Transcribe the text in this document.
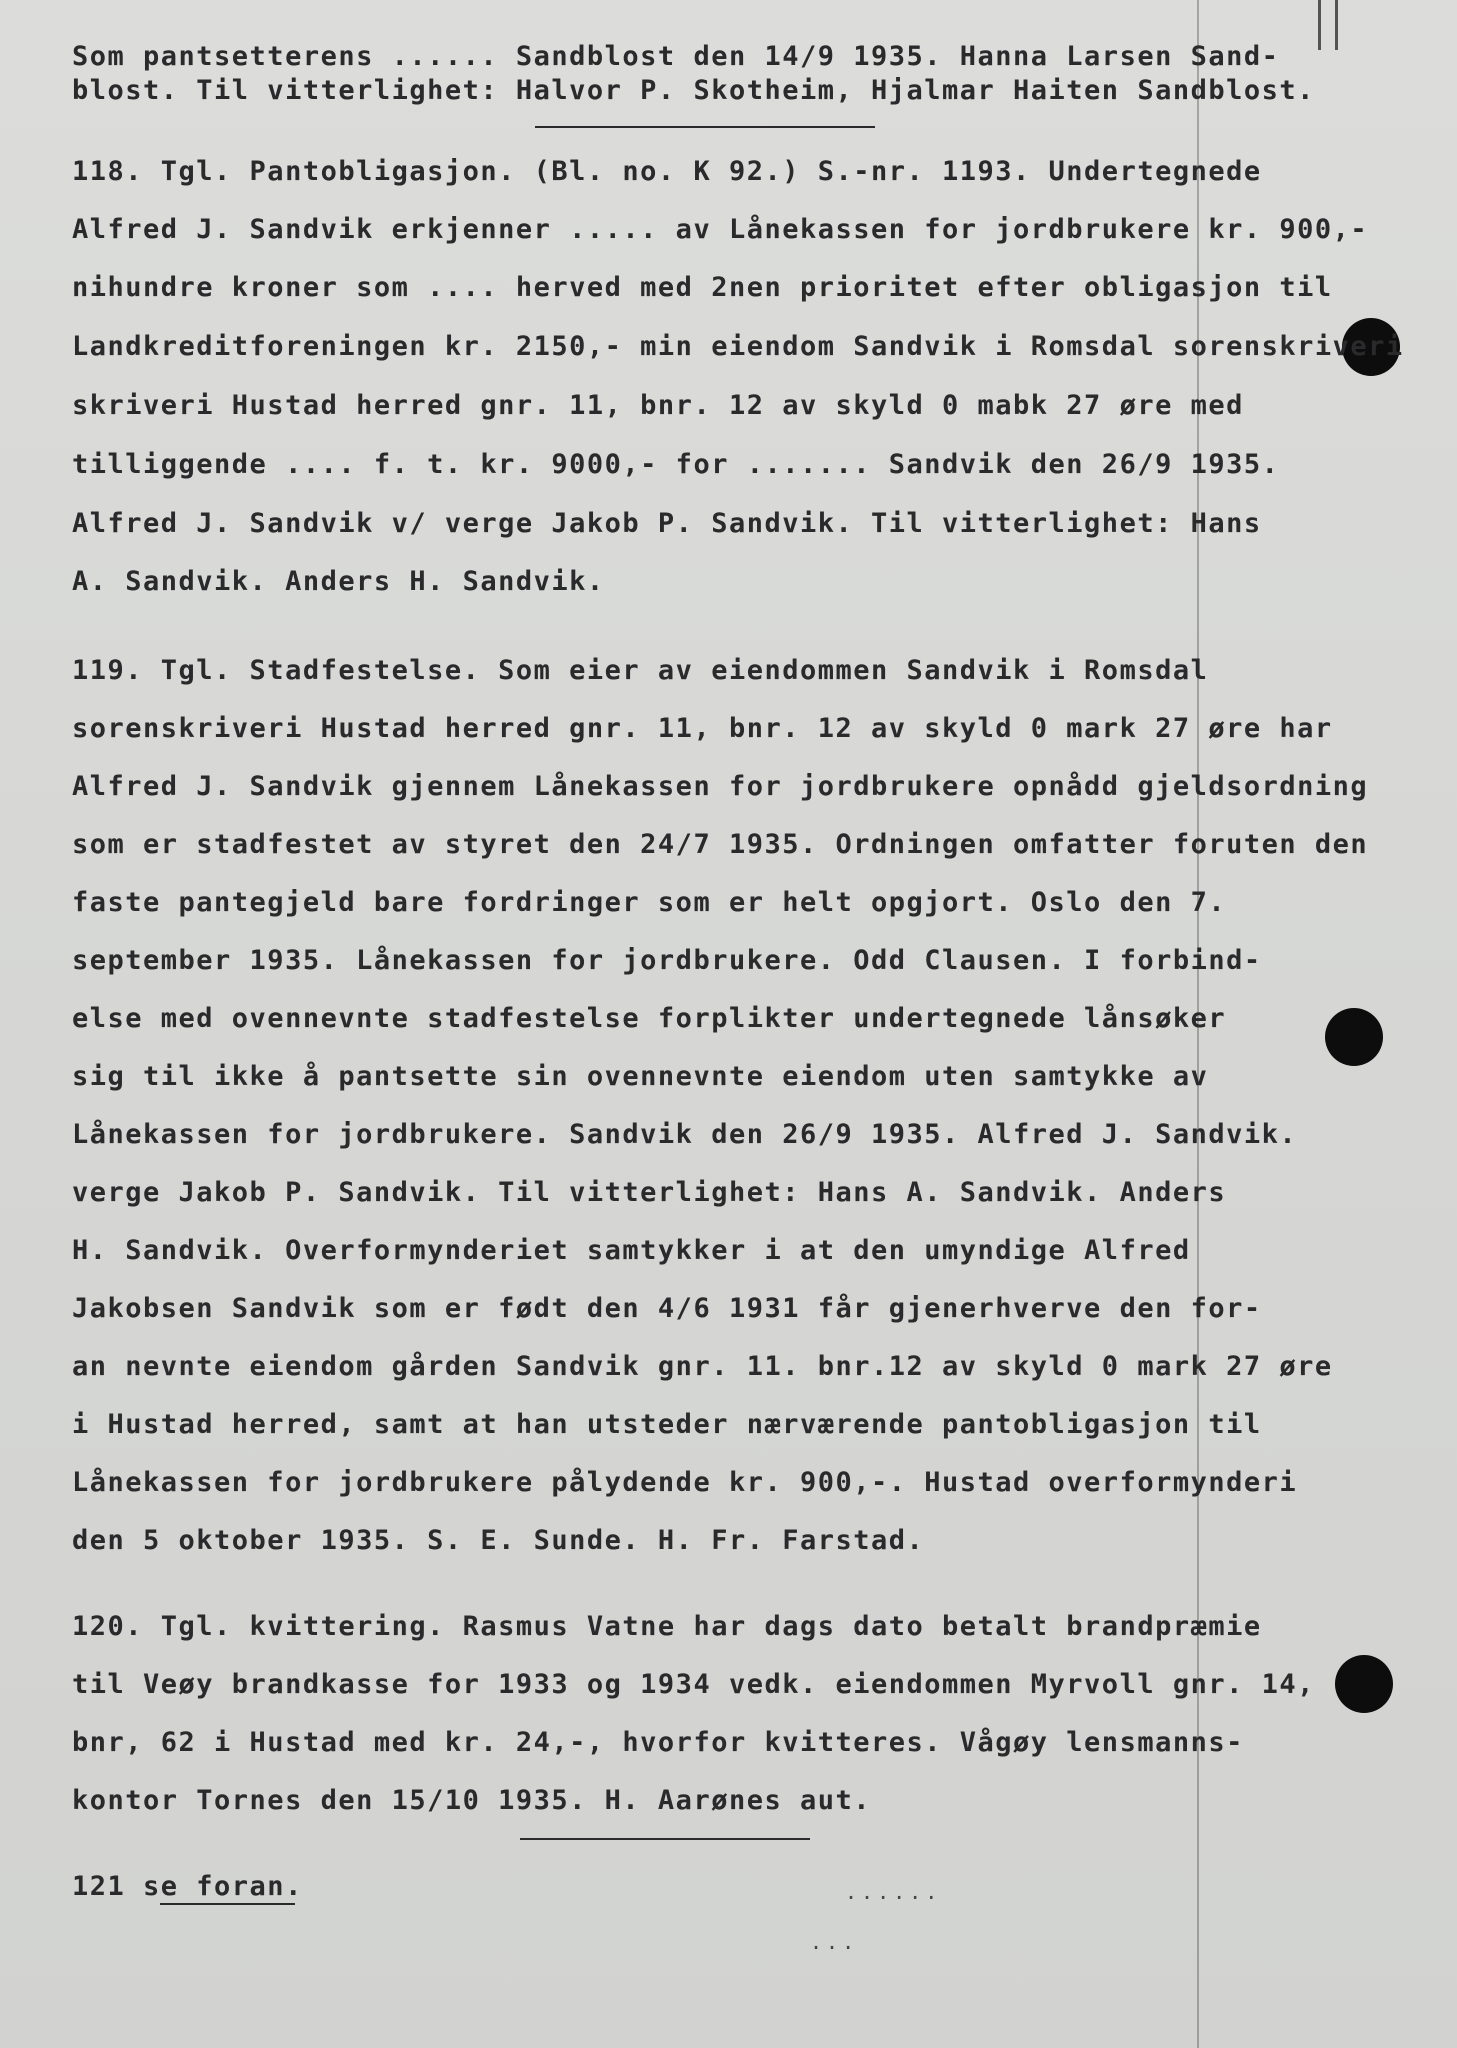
Som pantsetterens ...... Sandblost den 14/9 1935. Hanna Larsen Sand-
blost. Til vitterlighet: Halvor P. Skotheim, Hjalmar Haiten Sandblost.
118. Tgl. Pantobligasjon. (Bl. no. K 92.) S.-nr. 1193. Undertegnede
Alfred J. Sandvik erkjenner ..... av Lånekassen for jordbrukere kr. 900,-
nihundre kroner som .... herved med 2nen prioritet efter obligasjon til
Landkreditforeningen kr. 2150,- min eiendom Sandvik i Romsdal sorenskriveri
skriveri Hustad herred gnr. 11, bnr. 12 av skyld 0 mabk 27 øre med
tilliggende .... f. t. kr. 9000,- for ....... Sandvik den 26/9 1935.
Alfred J. Sandvik v/ verge Jakob P. Sandvik. Til vitterlighet: Hans
A. Sandvik. Anders H. Sandvik.
119. Tgl. Stadfestelse. Som eier av eiendommen Sandvik i Romsdal
sorenskriveri Hustad herred gnr. 11, bnr. 12 av skyld 0 mark 27 øre har
Alfred J. Sandvik gjennem Lånekassen for jordbrukere opnådd gjeldsordning
som er stadfestet av styret den 24/7 1935. Ordningen omfatter foruten den
faste pantegjeld bare fordringer som er helt opgjort. Oslo den 7.
september 1935. Lånekassen for jordbrukere. Odd Clausen. I forbind-
else med ovennevnte stadfestelse forplikter undertegnede lånsøker
sig til ikke å pantsette sin ovennevnte eiendom uten samtykke av
Lånekassen for jordbrukere. Sandvik den 26/9 1935. Alfred J. Sandvik.
verge Jakob P. Sandvik. Til vitterlighet: Hans A. Sandvik. Anders
H. Sandvik. Overformynderiet samtykker i at den umyndige Alfred
Jakobsen Sandvik som er født den 4/6 1931 får gjenerhverve den for-
an nevnte eiendom gården Sandvik gnr. 11. bnr.12 av skyld 0 mark 27 øre
i Hustad herred, samt at han utsteder nærværende pantobligasjon til
Lånekassen for jordbrukere pålydende kr. 900,-. Hustad overformynderi
den 5 oktober 1935. S. E. Sunde. H. Fr. Farstad.
120. Tgl. kvittering. Rasmus Vatne har dags dato betalt brandpræmie
til Veøy brandkasse for 1933 og 1934 vedk. eiendommen Myrvoll gnr. 14,
bnr, 62 i Hustad med kr. 24,-, hvorfor kvitteres. Vågøy lensmanns-
kontor Tornes den 15/10 1935. H. Aarønes aut.
121 se foran.	......
...
